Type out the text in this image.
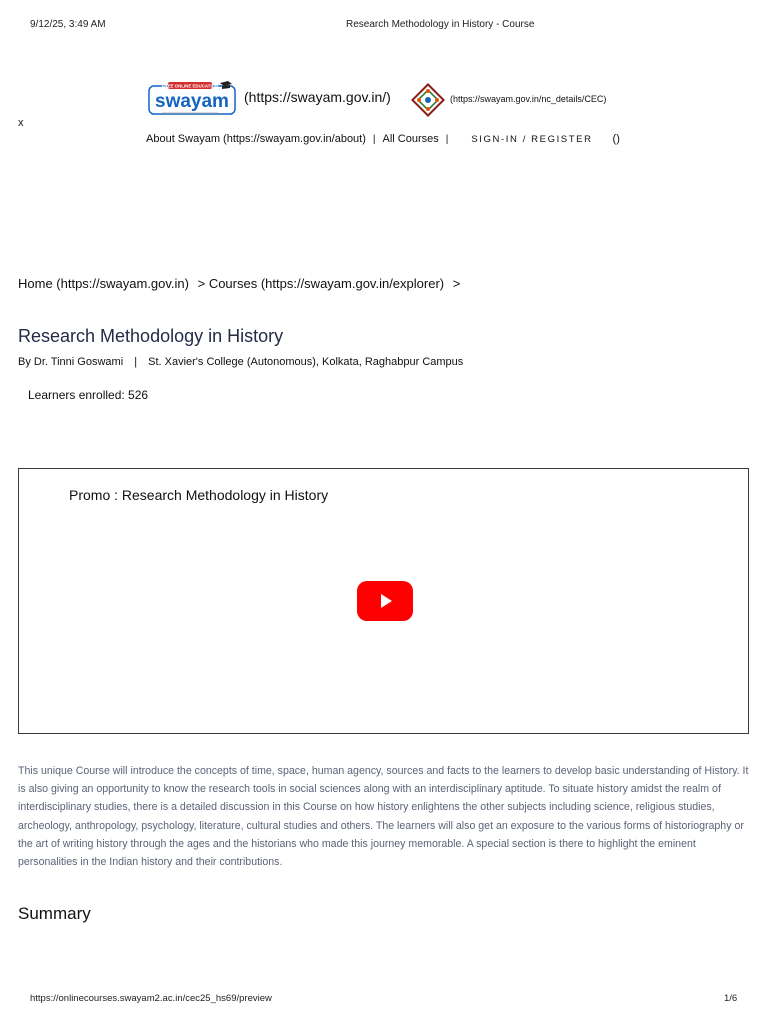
9/12/25, 3:49 AM	Research Methodology in History - Course
FREE ONLINE EDUCATION
swayam (https://swayam.gov.in/)	(https://swayam.gov.in/nc_details/CEC)
x
About Swayam (https://swayam.gov.in/about) | All Courses | SIGN-IN / REGISTER ()
Home (https://swayam.gov.in) > Courses (https://swayam.gov.in/explorer) >
Research Methodology in History
By Dr. Tinni Goswami | St. Xavier's College (Autonomous), Kolkata, Raghabpur Campus
Learners enrolled: 526
Promo : Research Methodology in History

This unique Course will introduce the concepts of time, space, human agency, sources and facts to the learners to develop basic understanding of History. It is also giving an opportunity to know the research tools in social sciences along with an interdisciplinary aptitude. To situate history amidst the realm of interdisciplinary studies, there is a detailed discussion in this Course on how history enlightens the other subjects including science, religious studies, archeology, anthropology, psychology, literature, cultural studies and others. The learners will also get an exposure to the various forms of historiography or the art of writing history through the ages and the historians who made this journey memorable. A special section is there to highlight the eminent personalities in the Indian history and their contributions.

Summary
https://onlinecourses.swayam2.ac.in/cec25_hs69/preview	1/6
